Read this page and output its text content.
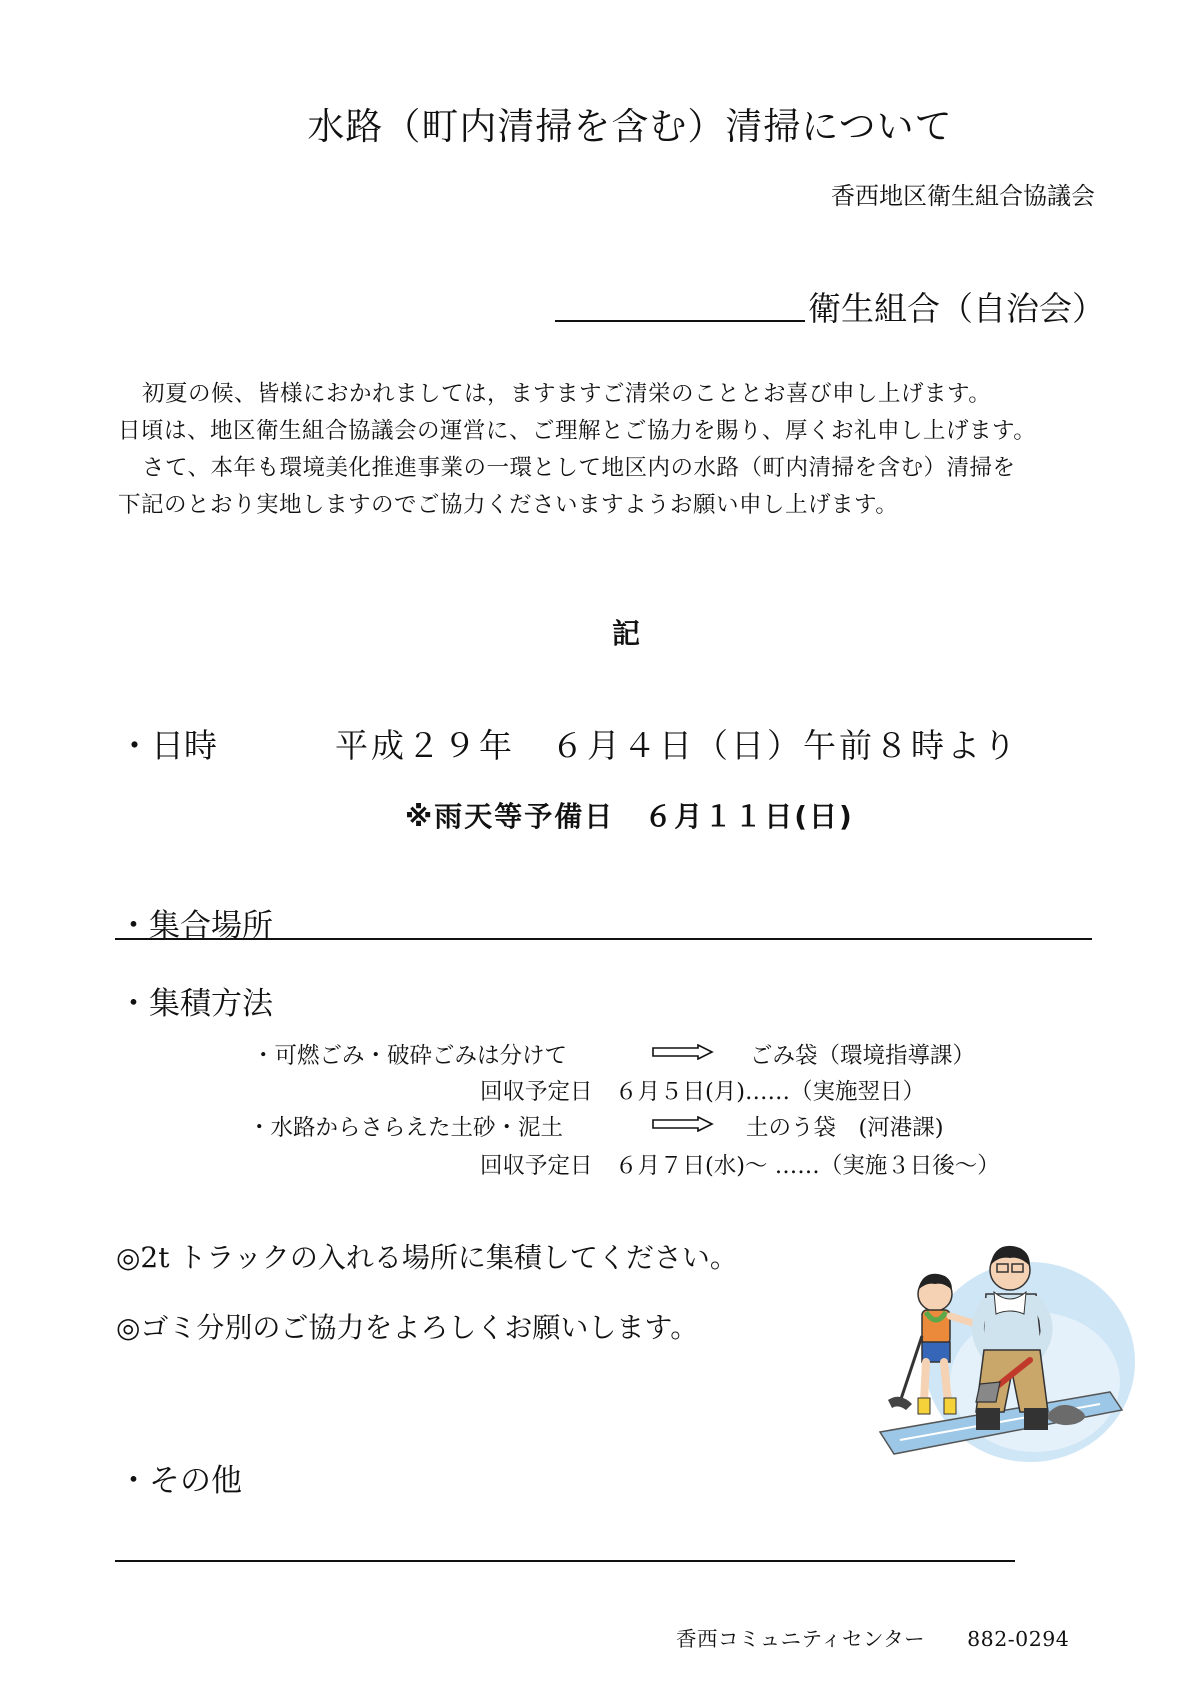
水路（町内清掃を含む）清掃について
香西地区衛生組合協議会
衛生組合（自治会）
初夏の候、皆様におかれましては，ますますご清栄のこととお喜び申し上げます。
日頃は、地区衛生組合協議会の運営に、ご理解とご協力を賜り、厚くお礼申し上げます。
さて、本年も環境美化推進事業の一環として地区内の水路（町内清掃を含む）清掃を
下記のとおり実地しますのでご協力くださいますようお願い申し上げます。
記
・日時	平成２９年　６月４日（日）午前８時より
※雨天等予備日　６月１１日(日)
・集合場所
・集積方法
・可燃ごみ・破砕ごみは分けて	ごみ袋（環境指導課）
回収予定日　６月５日(月)……（実施翌日）
・水路からさらえた土砂・泥土	土のう袋　(河港課)
回収予定日　６月７日(水)～ ……（実施３日後～）
◎2t トラックの入れる場所に集積してください。
◎ゴミ分別のご協力をよろしくお願いします。
・その他
香西コミュニティセンター　　882-0294
